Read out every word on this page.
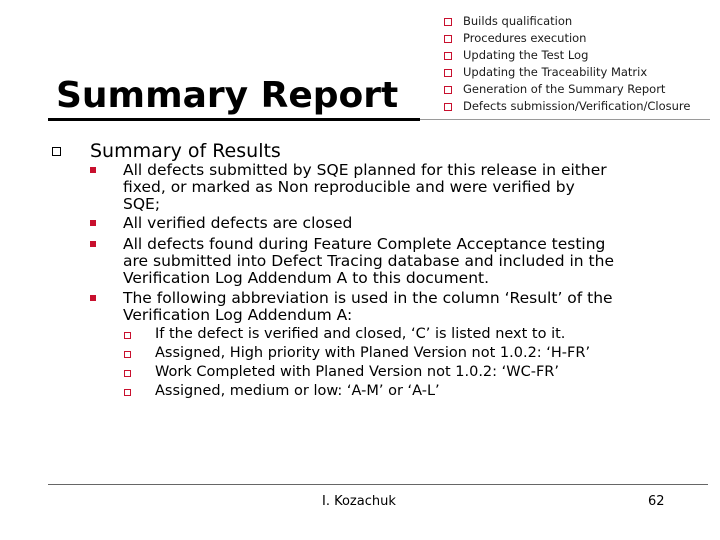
Summary Report
Builds qualification
Procedures execution
Updating the Test Log
Updating the Traceability Matrix
Generation of the Summary Report
Defects submission/Verification/Closure

Summary of Results

All defects submitted by SQE planned for this release in either
fixed, or marked as Non reproducible and were verified by
SQE;

All verified defects are closed

All defects found during Feature Complete Acceptance testing
are submitted into Defect Tracing database and included in the
Verification Log Addendum A to this document.

The following abbreviation is used in the column ‘Result’ of the
Verification Log Addendum A:

If the defect is verified and closed, ‘C’ is listed next to it.

Assigned, High priority with Planed Version not 1.0.2: ‘H-FR’

Work Completed with Planed Version not 1.0.2: ‘WC-FR’

Assigned, medium or low: ‘A-M’ or ‘A-L’

I. Kozachuk	62
